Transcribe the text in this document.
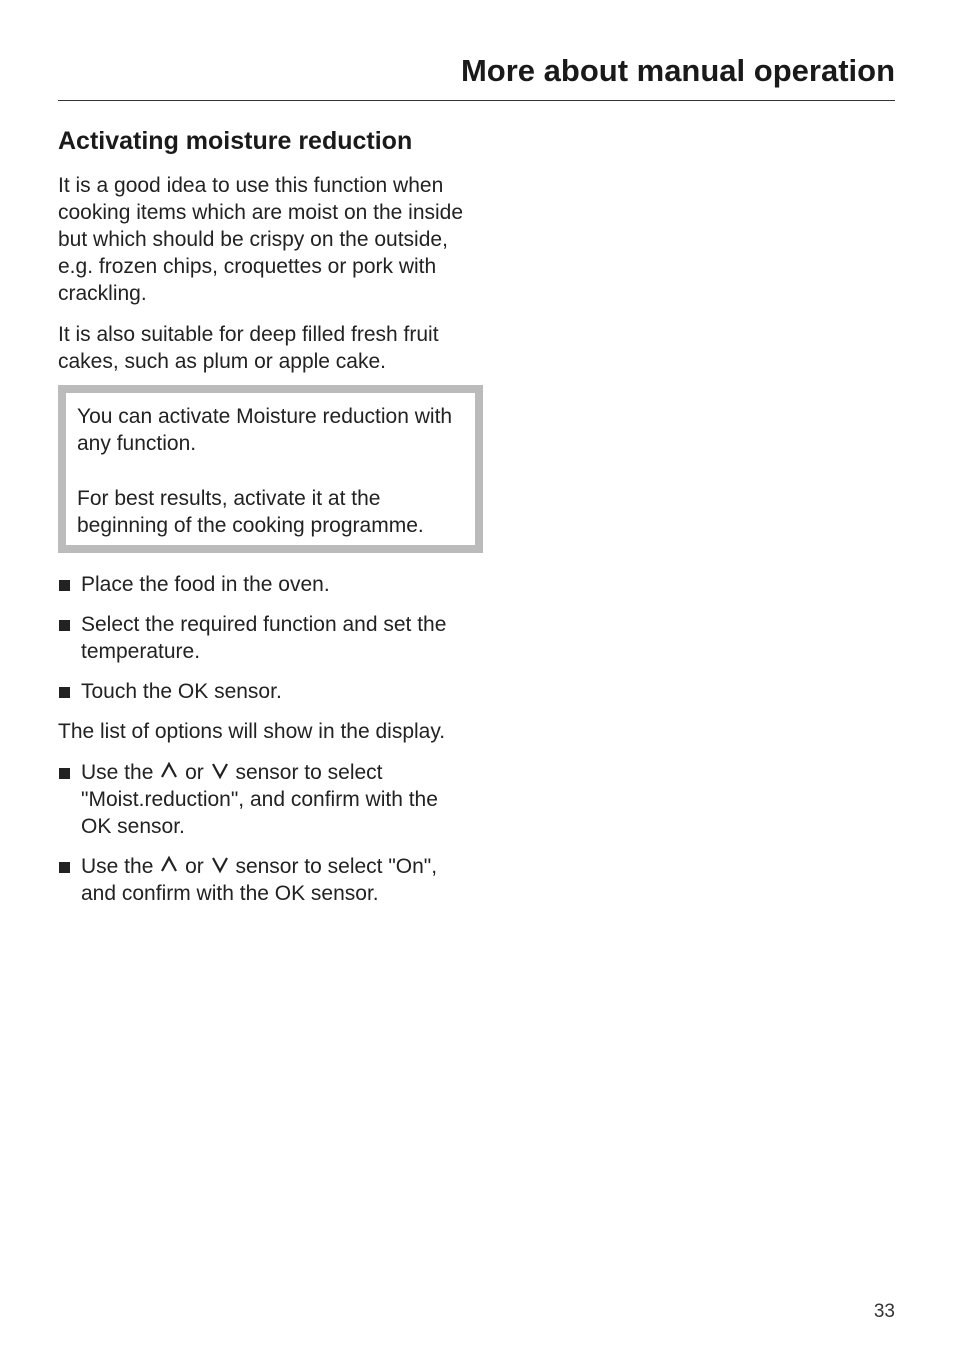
More about manual operation
Activating moisture reduction

It is a good idea to use this function when cooking items which are moist on the inside but which should be crispy on the outside, e.g. frozen chips, croquettes or pork with crackling.

It is also suitable for deep filled fresh fruit cakes, such as plum or apple cake.

You can activate Moisture reduction with any function.

For best results, activate it at the beginning of the cooking programme.

Place the food in the oven.
Select the required function and set the temperature.
Touch the OK sensor.

The list of options will show in the display.

Use the or sensor to select "Moist.reduction", and confirm with the OK sensor.
Use the or sensor to select "On", and confirm with the OK sensor.
33
